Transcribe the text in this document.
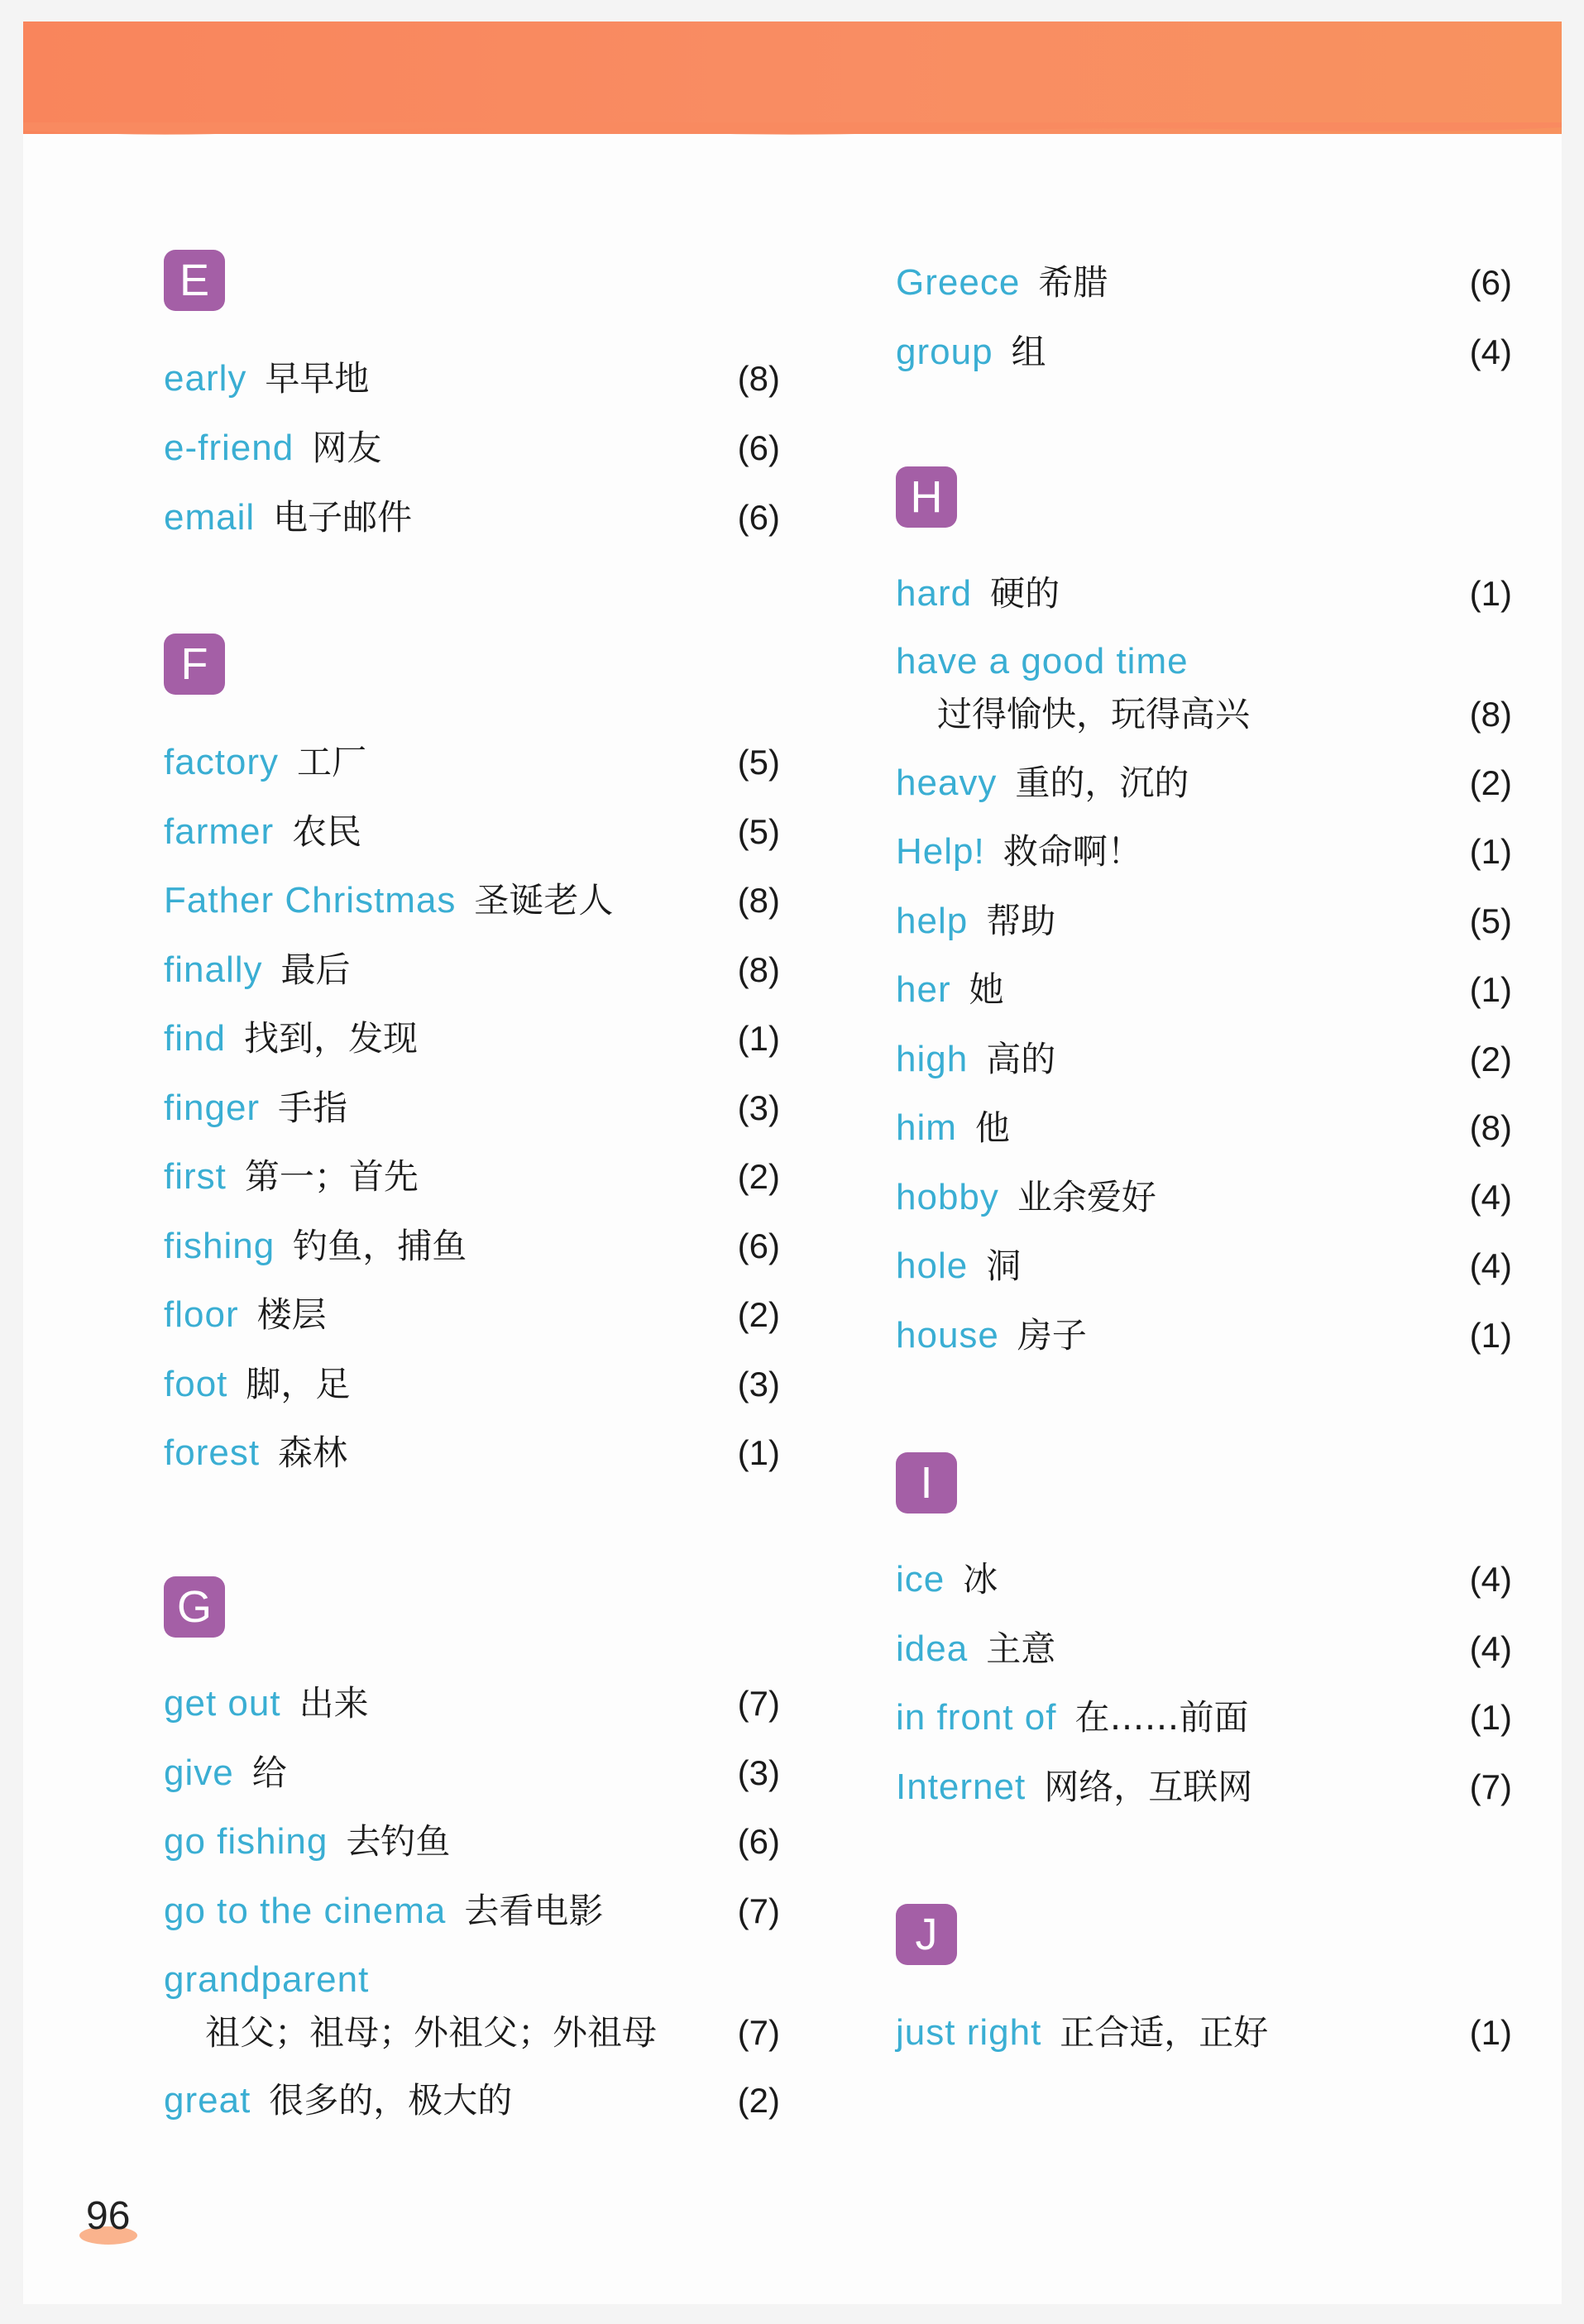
E
early 早早地	(8)
e-friend 网友	(6)
email 电子邮件	(6)
F
factory 工厂	(5)
farmer 农民	(5)
Father Christmas 圣诞老人	(8)
finally 最后	(8)
find 找到，发现	(1)
finger 手指	(3)
first 第一；首先	(2)
fishing 钓鱼，捕鱼	(6)
floor 楼层	(2)
foot 脚，足	(3)
forest 森林	(1)
G
get out 出来	(7)
give 给	(3)
go fishing 去钓鱼	(6)
go to the cinema 去看电影	(7)
grandparent
祖父；祖母；外祖父；外祖母 (7)
great 很多的，极大的	(2)
Greece 希腊	(6)
group 组	(4)
H
hard 硬的	(1)
have a good time
过得愉快，玩得高兴	(8)
heavy 重的，沉的	(2)
Help! 救命啊！	(1)
help 帮助	(5)
her 她	(1)
high 高的	(2)
him 他	(8)
hobby 业余爱好	(4)
hole 洞	(4)
house 房子	(1)
I
ice 冰	(4)
idea 主意	(4)
in front of 在……前面	(1)
Internet 网络，互联网	(7)
J
just right 正合适，正好	(1)
96
